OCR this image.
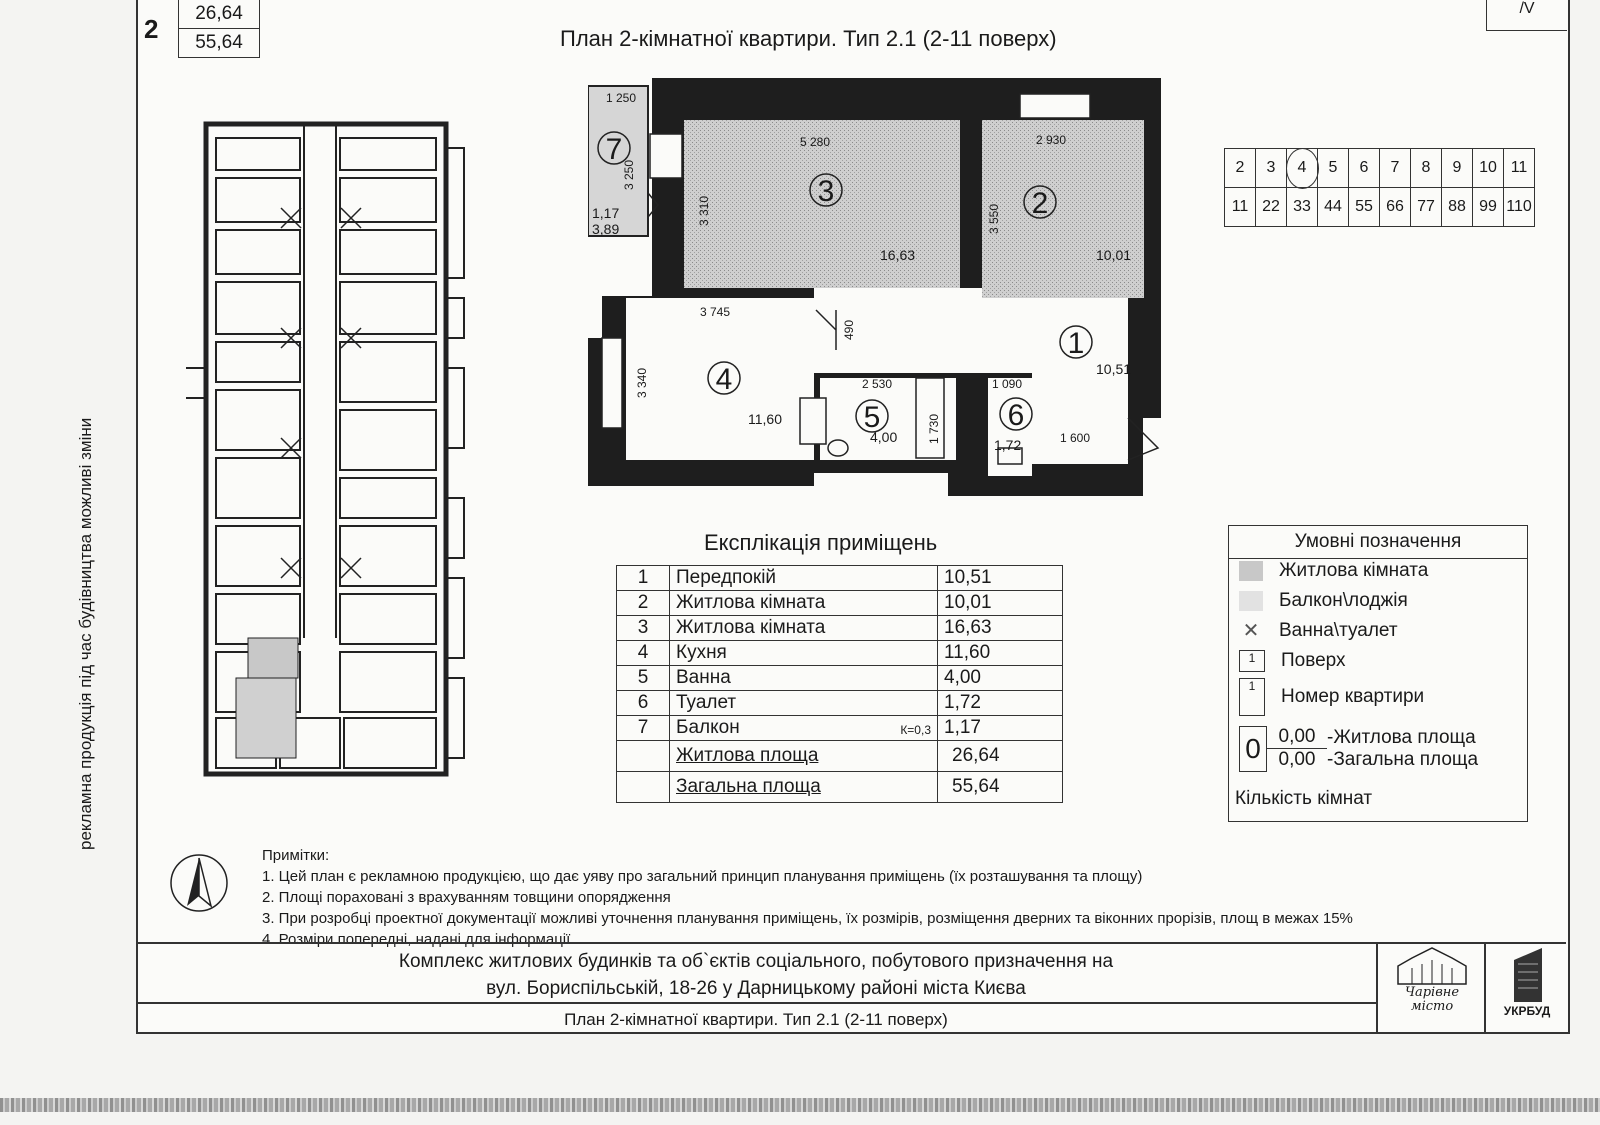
2
26,64
55,64
/V
План 2-кімнатної квартири. Тип 2.1 (2-11 поверх)
рекламна продукція під час будівництва можливі зміни
3	2
1
4
5	6
7
16,63	10,01
10,51
11,60
4,00	1,72
1,17
3,89
1 250
5 280	2 930
3 745
2 530	1 090
1 600
3 250
3 310	3 550
3 340
490
1 730
2	3	4	5	6	7	8	9	10	11
11	22	33	44	55	66	77	88	99	110
Експлікація приміщень
1	Передпокій	10,51
2	Житлова кімната	10,01
3	Житлова кімната	16,63
4	Кухня	11,60
5	Ванна	4,00
6	Туалет	1,72
7	Балкон К=0,3	1,17
	Житлова площа	26,64
	Загальна площа	55,64
Умовні позначення
Житлова кімната
Балкон\лоджія
✕ Ванна\туалет
1	Поверх
1	Номер квартири
0 0,00 -Житлова площа
0,00 -Загальна площа
Кількість кімнат
Примітки:
1. Цей план є рекламною продукцією, що дає уяву про загальний принцип планування приміщень (їх розташування та площу)
2. Площі пораховані з врахуванням товщини опорядження
3. При розробці проектної документації можливі уточнення планування приміщень, їх розмірів, розміщення дверних та віконних прорізів, площ в межах 15%
4. Розміри попередні, надані для інформації
Комплекс житлових будинків та об`єктів соціального, побутового призначення на
вул. Бориспільській, 18-26 у Дарницькому районі міста Києва
План 2-кімнатної квартири. Тип 2.1 (2-11 поверх)
Чарівне
місто	УКРБУД
